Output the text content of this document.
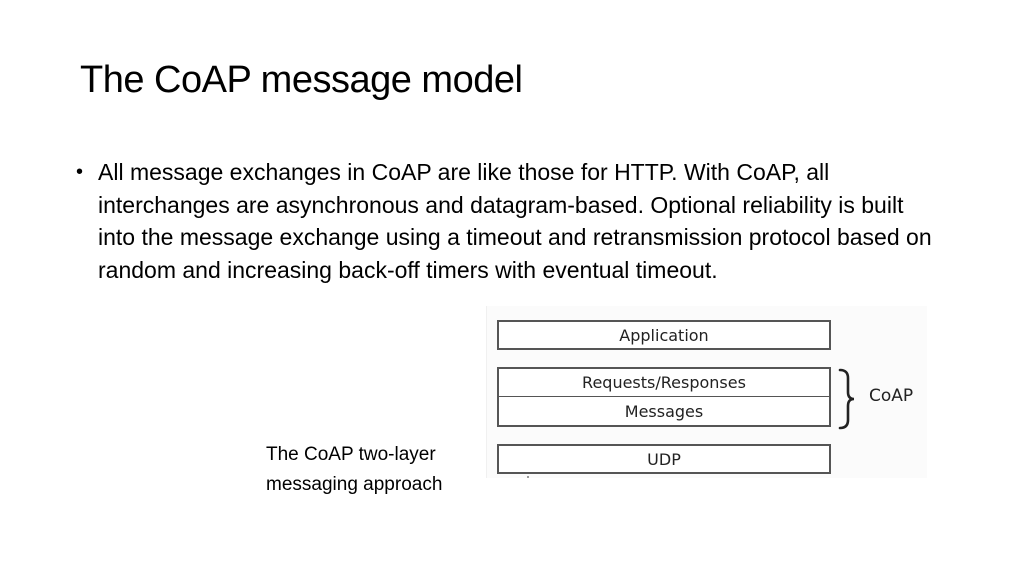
The CoAP message model
• All message exchanges in CoAP are like those for HTTP. With CoAP, all interchanges are asynchronous and datagram-based. Optional reliability is built into the message exchange using a timeout and retransmission protocol based on random and increasing back-off timers with eventual timeout.
Application
Requests/Responses
Messages
UDP
CoAP
The CoAP two-layer
messaging approach
